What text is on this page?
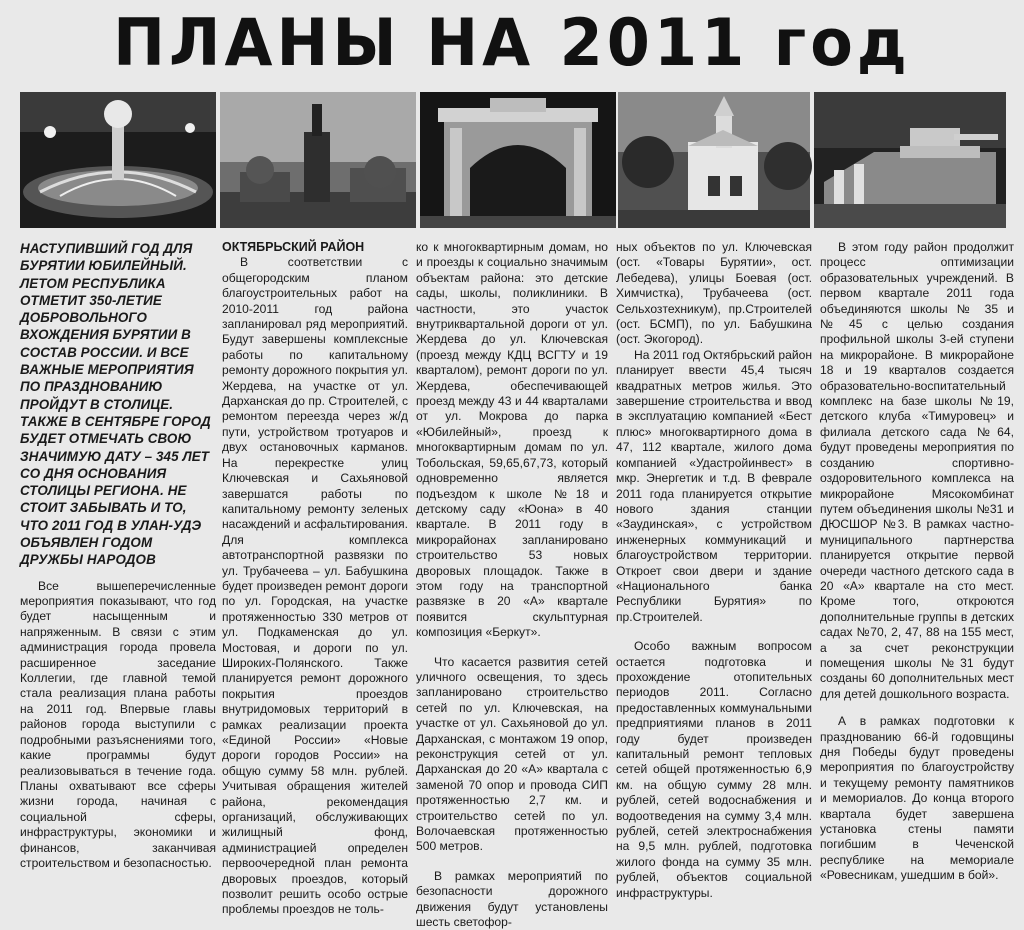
ПЛАНЫ НА 2011 год
НАСТУПИВШИЙ ГОД ДЛЯ БУРЯТИИ ЮБИЛЕЙНЫЙ. ЛЕТОМ РЕСПУБЛИКА ОТМЕТИТ 350-ЛЕТИЕ ДОБРОВОЛЬНОГО ВХОЖДЕНИЯ БУРЯТИИ В СОСТАВ РОССИИ. И ВСЕ ВАЖНЫЕ МЕРОПРИЯТИЯ ПО ПРАЗДНОВАНИЮ ПРОЙДУТ В СТОЛИЦЕ. ТАКЖЕ В СЕНТЯБРЕ ГОРОД БУДЕТ ОТМЕЧАТЬ СВОЮ ЗНАЧИМУЮ ДАТУ – 345 ЛЕТ СО ДНЯ ОСНОВАНИЯ СТОЛИЦЫ РЕГИОНА. НЕ СТОИТ ЗАБЫВАТЬ И ТО, ЧТО 2011 ГОД В УЛАН-УДЭ ОБЪЯВЛЕН ГОДОМ ДРУЖБЫ НАРОДОВ

Все вышеперечисленные мероприятия показывают, что год будет насыщенным и напряженным. В связи с этим администрация города провела расширенное заседание Коллегии, где главной темой стала реализация плана работы на 2011 год. Впервые главы районов города выступили с подробными разъяснениями того, какие программы будут реализовываться в течение года. Планы охватывают все сферы жизни города, начиная с социальной сферы, инфраструктуры, экономики и финансов, заканчивая строительством и безопасностью.

ОКТЯБРЬСКИЙ РАЙОН

В соответствии с общегородским планом благоустроительных работ на 2010-2011 год района запланировал ряд мероприятий. Будут завершены комплексные работы по капитальному ремонту дорожного покрытия ул. Жердева, на участке от ул. Дарханская до пр. Строителей, с ремонтом переезда через ж/д пути, устройством тротуаров и двух остановочных карманов. На перекрестке улиц Ключевская и Сахьяновой завершатся работы по капитальному ремонту зеленых насаждений и асфальтирования. Для комплекса автотранспортной развязки по ул. Трубачеева – ул. Бабушкина будет произведен ремонт дороги по ул. Городская, на участке протяженностью 330 метров от ул. Подкаменская до ул. Мостовая, и дороги по ул. Широких-Полянского. Также планируется ремонт дорожного покрытия проездов внутридомовых территорий в рамках реализации проекта «Единой России» «Новые дороги городов России» на общую сумму 58 млн. рублей. Учитывая обращения жителей района, рекомендация организаций, обслуживающих жилищный фонд, администрацией определен первоочередной план ремонта дворовых проездов, который позволит решить особо острые проблемы проездов не толь-

ко к многоквартирным домам, но и проезды к социально значимым объектам района: это детские сады, школы, поликлиники. В частности, это участок внутриквартальной дороги от ул. Жердева до ул. Ключевская (проезд между КДЦ ВСГТУ и 19 кварталом), ремонт дороги по ул. Жердева, обеспечивающей проезд между 43 и 44 кварталами от ул. Мокрова до парка «Юбилейный», проезд к многоквартирным домам по ул. Тобольская, 59,65,67,73, который одновременно является подъездом к школе №18 и детскому саду «Юона» в 40 квартале. В 2011 году в микрорайонах запланировано строительство 53 новых дворовых площадок. Также в этом году на транспортной развязке в 20 «А» квартале появится скульптурная композиция «Беркут».

Что касается развития сетей уличного освещения, то здесь запланировано строительство сетей по ул. Ключевская, на участке от ул. Сахьяновой до ул. Дарханская, с монтажом 19 опор, реконструкция сетей от ул. Дарханская до 20 «А» квартала с заменой 70 опор и провода СИП протяженностью 2,7 км. и строительство сетей по ул. Волочаевская протяженностью 500 метров.

В рамках мероприятий по безопасности дорожного движения будут установлены шесть светофор-

ных объектов по ул. Ключевская (ост. «Товары Бурятии», ост. Лебедева), улицы Боевая (ост. Химчистка), Трубачеева (ост. Сельхозтехникум), пр.Строителей (ост. БСМП), по ул. Бабушкина (ост. Экогород).

На 2011 год Октябрьский район планирует ввести 45,4 тысяч квадратных метров жилья. Это завершение строительства и ввод в эксплуатацию компанией «Бест плюс» многоквартирного дома в 47, 112 квартале, жилого дома компанией «Удастройинвест» в мкр. Энергетик и т.д. В феврале 2011 года планируется открытие нового здания станции «Заудинская», с устройством инженерных коммуникаций и благоустройством территории. Откроет свои двери и здание «Национального банка Республики Бурятия» по пр.Строителей.

Особо важным вопросом остается подготовка и прохождение отопительных периодов 2011. Согласно предоставленных коммунальными предприятиями планов в 2011 году будет произведен капитальный ремонт тепловых сетей общей протяженностью 6,9 км. на общую сумму 28 млн. рублей, сетей водоснабжения и водоотведения на сумму 3,4 млн. рублей, сетей электроснабжения на 9,5 млн. рублей, подготовка жилого фонда на сумму 35 млн. рублей, объектов социальной инфраструктуры.

В этом году район продолжит процесс оптимизации образовательных учреждений. В первом квартале 2011 года объединяются школы № 35 и №45 с целью создания профильной школы 3-ей ступени на микрорайоне. В микрорайоне 18 и 19 кварталов создается образовательно-воспитательный комплекс на базе школы №19, детского клуба «Тимуровец» и филиала детского сада №64, будут проведены мероприятия по созданию спортивно-оздоровительного комплекса на микрорайоне Мясокомбинат путем объединения школы №31 и ДЮСШОР №3. В рамках частно-муниципального партнерства планируется открытие первой очереди частного детского сада в 20 «А» квартале на сто мест. Кроме того, откроются дополнительные группы в детских садах №70, 2, 47, 88 на 155 мест, а за счет реконструкции помещения школы №31 будут созданы 60 дополнительных мест для детей дошкольного возраста.

А в рамках подготовки к празднованию 66-й годовщины дня Победы будут проведены мероприятия по благоустройству и текущему ремонту памятников и мемориалов. До конца второго квартала будет завершена установка стены памяти погибшим в Чеченской республике на мемориале «Ровесникам, ушедшим в бой».
